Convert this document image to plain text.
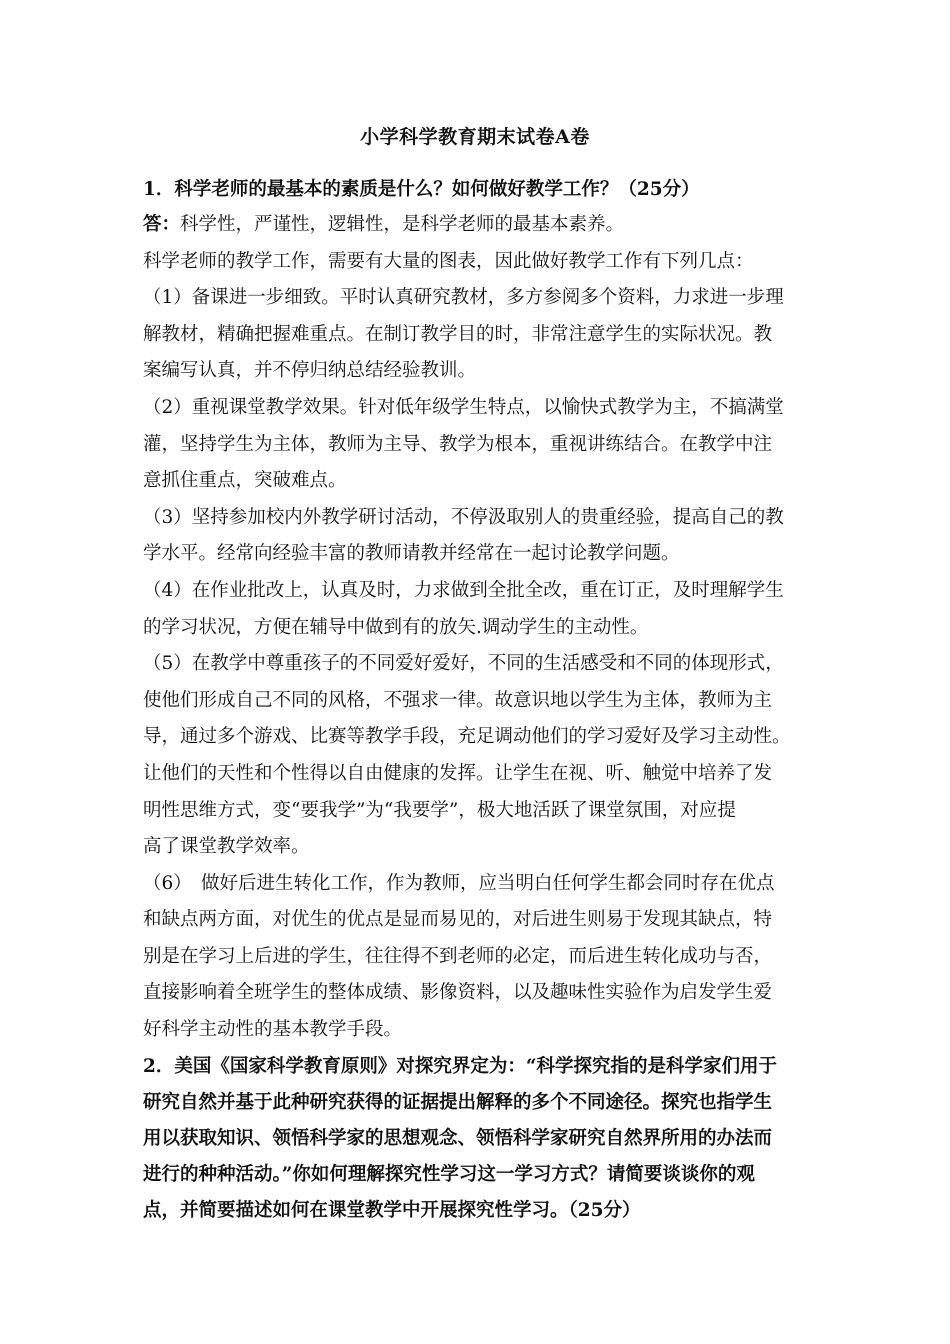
小学科学教育期末试卷A卷
1．科学老师的最基本的素质是什么？如何做好教学工作？（25分）
答：科学性，严谨性，逻辑性，是科学老师的最基本素养。
科学老师的教学工作，需要有大量的图表，因此做好教学工作有下列几点：
（1）备课进一步细致。平时认真研究教材，多方参阅多个资料，力求进一步理
解教材，精确把握难重点。在制订教学目的时，非常注意学生的实际状况。教
案编写认真，并不停归纳总结经验教训。
（2）重视课堂教学效果。针对低年级学生特点，以愉快式教学为主，不搞满堂
灌，坚持学生为主体，教师为主导、教学为根本，重视讲练结合。在教学中注
意抓住重点，突破难点。
（3）坚持参加校内外教学研讨活动，不停汲取别人的贵重经验，提高自己的教
学水平。经常向经验丰富的教师请教并经常在一起讨论教学问题。
（4）在作业批改上，认真及时，力求做到全批全改，重在订正，及时理解学生
的学习状况，方便在辅导中做到有的放矢.调动学生的主动性。
（5）在教学中尊重孩子的不同爱好爱好，不同的生活感受和不同的体现形式，
使他们形成自己不同的风格，不强求一律。故意识地以学生为主体，教师为主
导，通过多个游戏、比赛等教学手段，充足调动他们的学习爱好及学习主动性。
让他们的天性和个性得以自由健康的发挥。让学生在视、听、触觉中培养了发
明性思维方式，变“要我学”为“我要学”，极大地活跃了课堂氛围，对应提
高了课堂教学效率。
（6）　做好后进生转化工作，作为教师，应当明白任何学生都会同时存在优点
和缺点两方面，对优生的优点是显而易见的，对后进生则易于发现其缺点，特
别是在学习上后进的学生，往往得不到老师的必定，而后进生转化成功与否，
直接影响着全班学生的整体成绩、影像资料，以及趣味性实验作为启发学生爱
好科学主动性的基本教学手段。
2．美国《国家科学教育原则》对探究界定为：“科学探究指的是科学家们用于
研究自然并基于此种研究获得的证据提出解释的多个不同途径。探究也指学生
用以获取知识、领悟科学家的思想观念、领悟科学家研究自然界所用的办法而
进行的种种活动。”你如何理解探究性学习这一学习方式？请简要谈谈你的观
点，并简要描述如何在课堂教学中开展探究性学习。（25分）
